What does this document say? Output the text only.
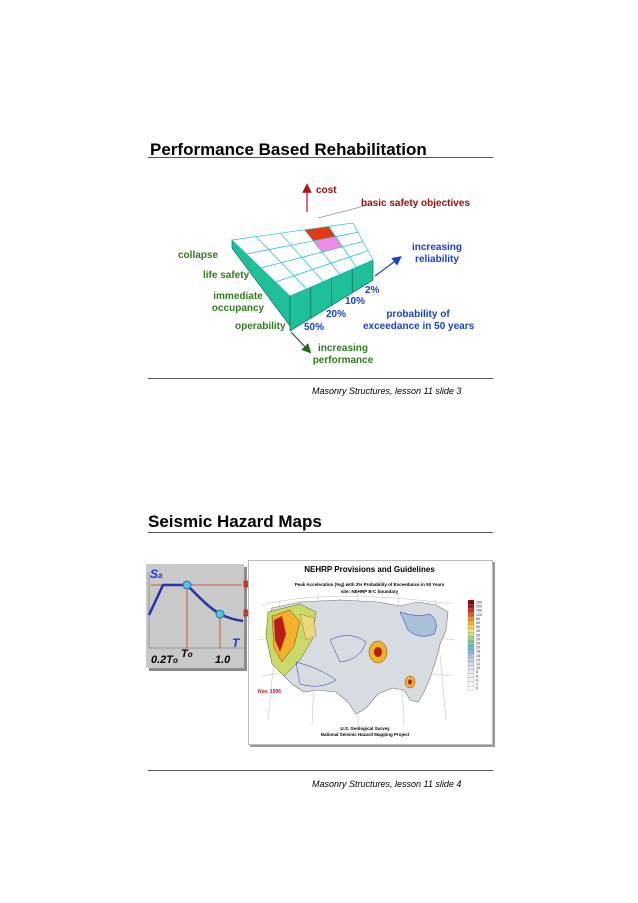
Performance Based Rehabilitation
cost
basic safety objectives
increasing
reliability
collapse
life safety
immediate
occupancy
operability
2%
10%
20%
50%
probability of
exceedance in 50 years
increasing
performance
Masonry Structures, lesson 11 slide 3
Seismic Hazard Maps
Sa
T
0.2To
To 1.0
NEHRP Provisions and Guidelines
Peak Acceleration (%g) with 2% Probability of Exceedance in 50 Years
site: NEHRP B-C boundary
250
200
150
120
80
60
50
40
35
30
25
20
18
16
14
12
10
8
6
4
2
0
Nov. 1996
U.S. Geological Survey
National Seismic Hazard Mapping Project
Masonry Structures, lesson 11 slide 4
